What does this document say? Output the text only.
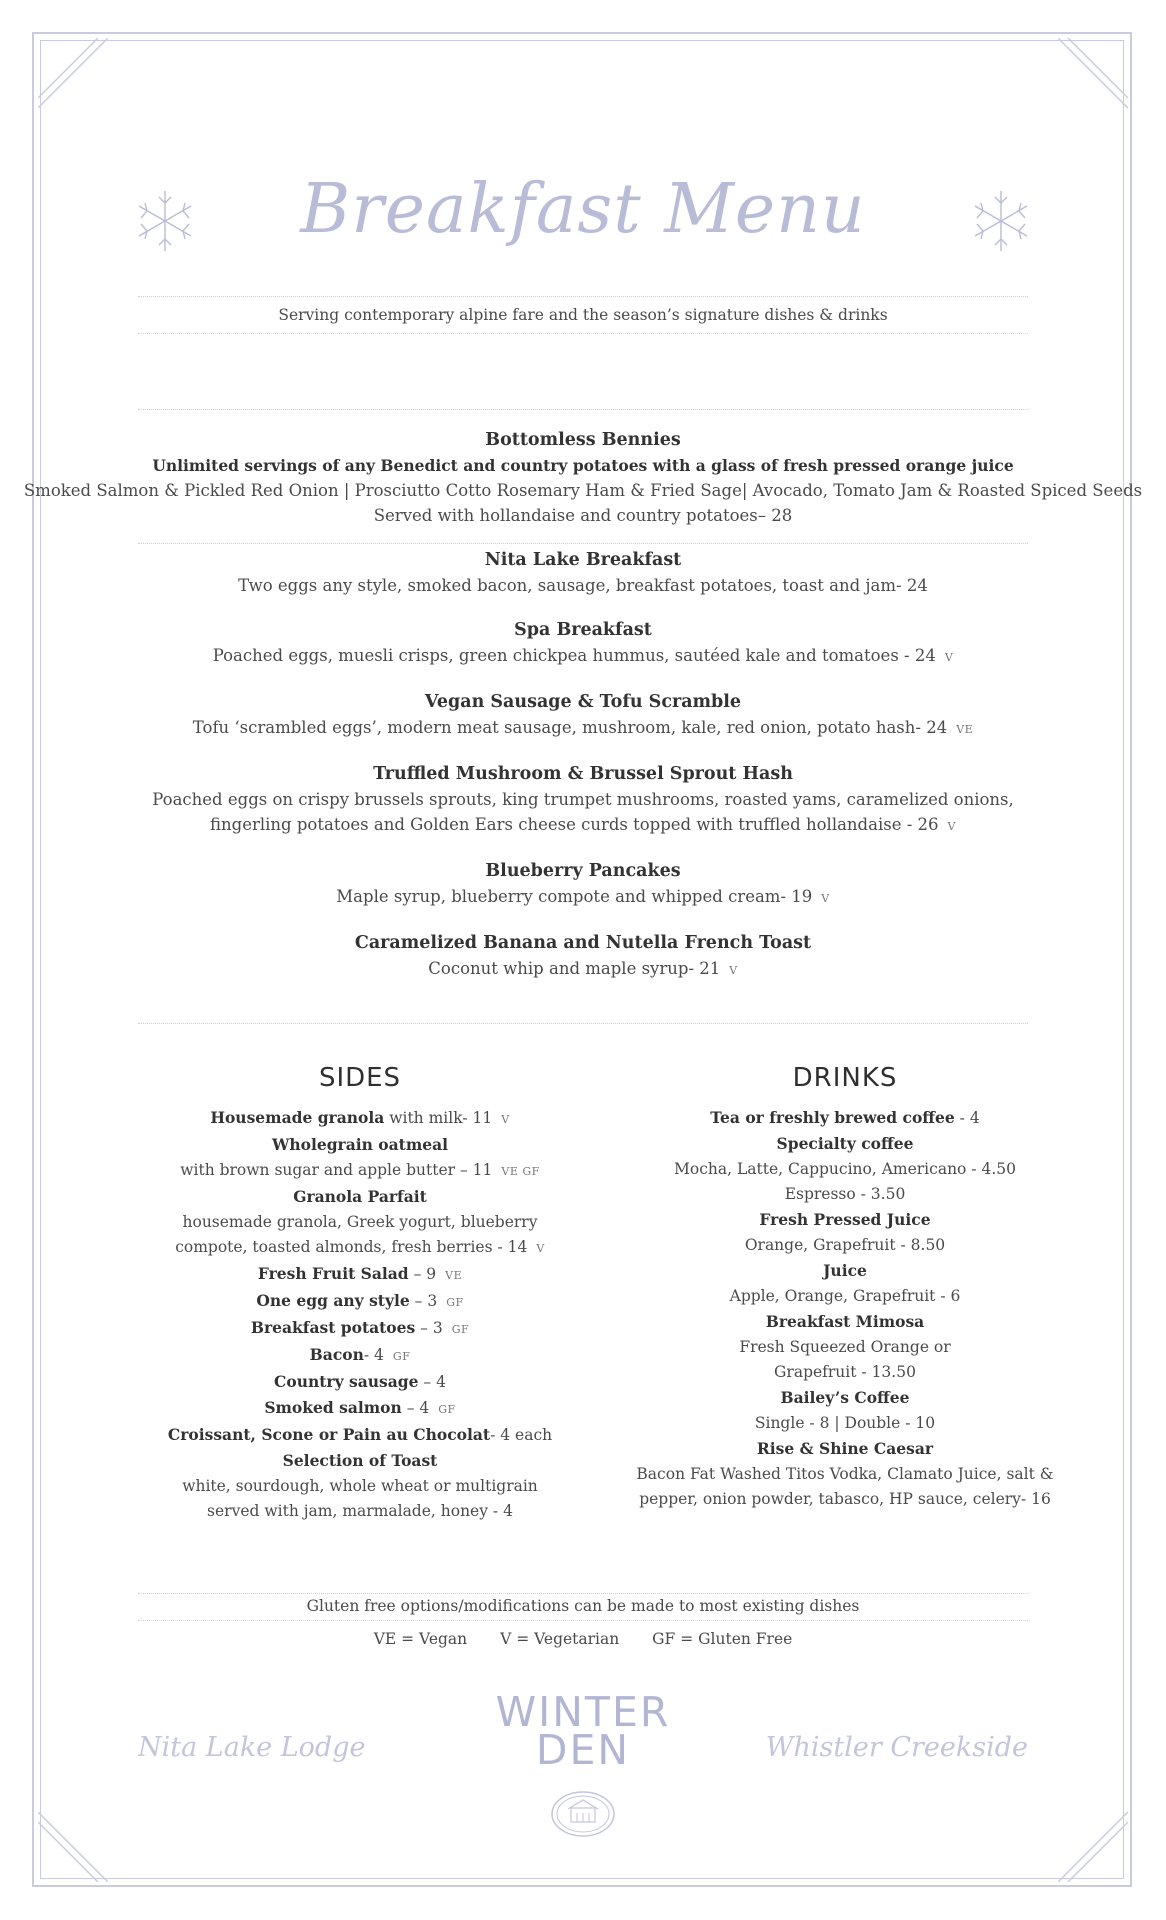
Breakfast Menu
Serving contemporary alpine fare and the season’s signature dishes & drinks

Bottomless Bennies

Unlimited servings of any Benedict and country potatoes with a glass of fresh pressed orange juice

Smoked Salmon & Pickled Red Onion | Prosciutto Cotto Rosemary Ham & Fried Sage| Avocado, Tomato Jam & Roasted Spiced Seeds

Served with hollandaise and country potatoes– 28

Nita Lake Breakfast

Two eggs any style, smoked bacon, sausage, breakfast potatoes, toast and jam- 24

Spa Breakfast

Poached eggs, muesli crisps, green chickpea hummus, sautéed kale and tomatoes - 24 V

Vegan Sausage & Tofu Scramble

Tofu ‘scrambled eggs’, modern meat sausage, mushroom, kale, red onion, potato hash- 24 VE

Truffled Mushroom & Brussel Sprout Hash

Poached eggs on crispy brussels sprouts, king trumpet mushrooms, roasted yams, caramelized onions,

fingerling potatoes and Golden Ears cheese curds topped with truffled hollandaise - 26 V

Blueberry Pancakes

Maple syrup, blueberry compote and whipped cream- 19 V

Caramelized Banana and Nutella French Toast

Coconut whip and maple syrup- 21 V

SIDES

Housemade granola with milk- 11 V

Wholegrain oatmeal

with brown sugar and apple butter – 11 VE GF

Granola Parfait

housemade granola, Greek yogurt, blueberry

compote, toasted almonds, fresh berries - 14 V

Fresh Fruit Salad – 9 VE

One egg any style – 3 GF

Breakfast potatoes – 3 GF

Bacon- 4 GF

Country sausage – 4

Smoked salmon – 4 GF

Croissant, Scone or Pain au Chocolat- 4 each

Selection of Toast

white, sourdough, whole wheat or multigrain

served with jam, marmalade, honey - 4

DRINKS

Tea or freshly brewed coffee - 4

Specialty coffee

Mocha, Latte, Cappucino, Americano - 4.50

Espresso - 3.50

Fresh Pressed Juice

Orange, Grapefruit - 8.50

Juice

Apple, Orange, Grapefruit - 6

Breakfast Mimosa

Fresh Squeezed Orange or

Grapefruit - 13.50

Bailey’s Coffee

Single - 8 | Double - 10

Rise & Shine Caesar

Bacon Fat Washed Titos Vodka, Clamato Juice, salt &

pepper, onion powder, tabasco, HP sauce, celery- 16

Gluten free options/modifications can be made to most existing dishes
VE = Vegan V = Vegetarian GF = Gluten Free
Nita Lake Lodge	Whistler Creekside
WINTER
DEN
